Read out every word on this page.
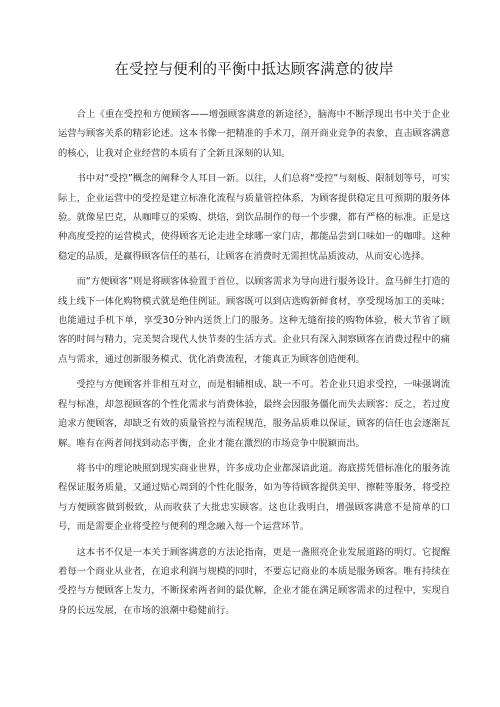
在受控与便利的平衡中抵达顾客满意的彼岸

合上《重在受控和方便顾客——增强顾客满意的新途径》，脑海中不断浮现出书中关于企业运营与顾客关系的精彩论述。这本书像一把精准的手术刀，剖开商业竞争的表象，直击顾客满意的核心，让我对企业经营的本质有了全新且深刻的认知。

书中对“受控”概念的阐释令人耳目一新。以往，人们总将“受控”与刻板、限制划等号，可实际上，企业运营中的受控是建立标准化流程与质量管控体系，为顾客提供稳定且可预期的服务体验。就像星巴克，从咖啡豆的采购、烘焙，到饮品制作的每一个步骤，都有严格的标准。正是这种高度受控的运营模式，使得顾客无论走进全球哪一家门店，都能品尝到口味如一的咖啡。这种稳定的品质，是赢得顾客信任的基石，让顾客在消费时无需担忧品质波动，从而安心选择。

而“方便顾客”则是将顾客体验置于首位，以顾客需求为导向进行服务设计。盒马鲜生打造的线上线下一体化购物模式就是绝佳例证。顾客既可以到店选购新鲜食材，享受现场加工的美味；也能通过手机下单，享受30分钟内送货上门的服务。这种无缝衔接的购物体验，极大节省了顾客的时间与精力，完美契合现代人快节奏的生活方式。企业只有深入洞察顾客在消费过程中的痛点与需求，通过创新服务模式、优化消费流程，才能真正为顾客创造便利。

受控与方便顾客并非相互对立，而是相辅相成、缺一不可。若企业只追求受控，一味强调流程与标准，却忽视顾客的个性化需求与消费体验，最终会因服务僵化而失去顾客；反之，若过度追求方便顾客，却缺乏有效的质量管控与流程规范，服务品质难以保证，顾客的信任也会逐渐瓦解。唯有在两者间找到动态平衡，企业才能在激烈的市场竞争中脱颖而出。

将书中的理论映照到现实商业世界，许多成功企业都深谙此道。海底捞凭借标准化的服务流程保证服务质量，又通过贴心周到的个性化服务，如为等待顾客提供美甲、擦鞋等服务，将受控与方便顾客做到极致，从而收获了大批忠实顾客。这也让我明白，增强顾客满意不是简单的口号，而是需要企业将受控与便利的理念融入每一个运营环节。

这本书不仅是一本关于顾客满意的方法论指南，更是一盏照亮企业发展道路的明灯。它提醒着每一个商业从业者，在追求利润与规模的同时，不要忘记商业的本质是服务顾客。唯有持续在受控与方便顾客上发力，不断探索两者间的最优解，企业才能在满足顾客需求的过程中，实现自身的长远发展，在市场的浪潮中稳健前行。
